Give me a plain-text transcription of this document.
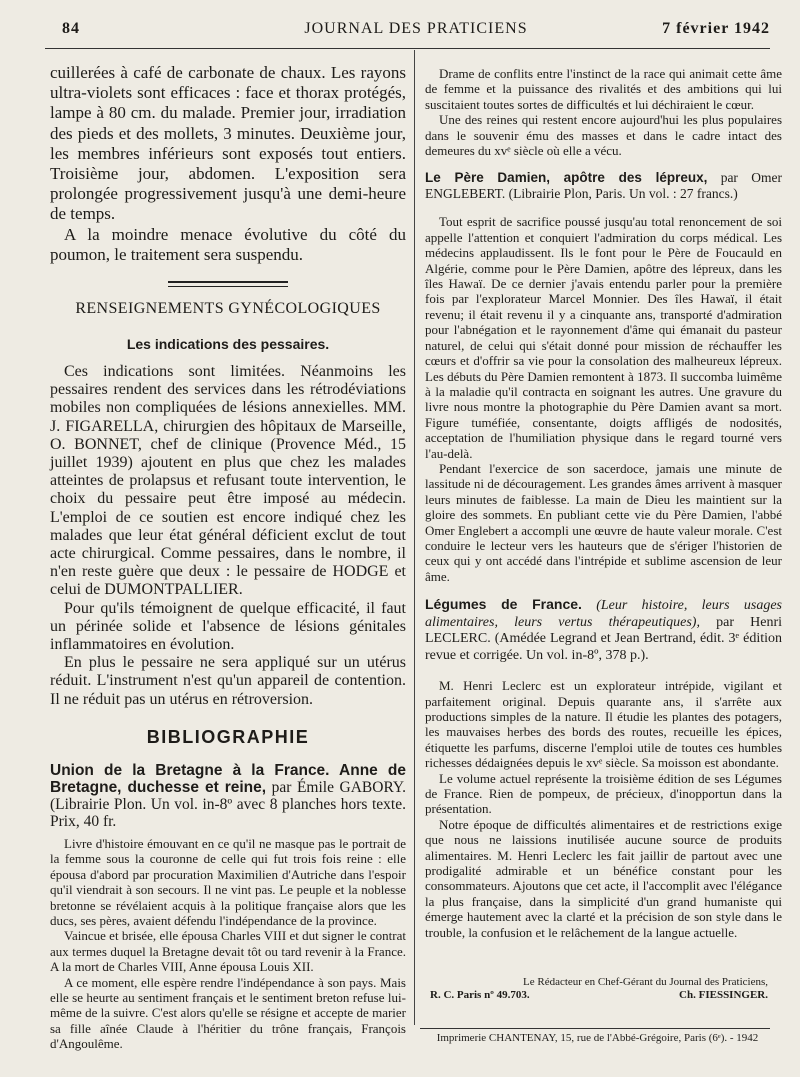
84	JOURNAL DES PRATICIENS	7 février 1942

cuillerées à café de carbonate de chaux. Les rayons ultra-violets sont efficaces : face et thorax protégés, lampe à 80 cm. du malade. Premier jour, irradiation des pieds et des mollets, 3 minutes. Deuxième jour, les membres inférieurs sont exposés tout entiers. Troisième jour, abdomen. L'exposition sera prolongée progressivement jusqu'à une demi-heure de temps.

A la moindre menace évolutive du côté du poumon, le traitement sera suspendu.

RENSEIGNEMENTS GYNÉCOLOGIQUES
Les indications des pessaires.

Ces indications sont limitées. Néanmoins les pessaires rendent des services dans les rétrodéviations mobiles non compliquées de lésions annexielles. MM. J. FIGARELLA, chirurgien des hôpitaux de Marseille, O. BONNET, chef de clinique (Provence Méd., 15 juillet 1939) ajoutent en plus que chez les malades atteintes de prolapsus et refusant toute intervention, le choix du pessaire peut être imposé au médecin. L'emploi de ce soutien est encore indiqué chez les malades que leur état général déficient exclut de tout acte chirurgical. Comme pessaires, dans le nombre, il n'en reste guère que deux : le pessaire de HODGE et celui de DUMONTPALLIER.

Pour qu'ils témoignent de quelque efficacité, il faut un périnée solide et l'absence de lésions génitales inflammatoires en évolution.

En plus le pessaire ne sera appliqué sur un utérus réduit. L'instrument n'est qu'un appareil de contention. Il ne réduit pas un utérus en rétroversion.

BIBLIOGRAPHIE

Union de la Bretagne à la France. Anne de Bretagne, duchesse et reine, par Émile GABORY. (Librairie Plon. Un vol. in-8º avec 8 planches hors texte. Prix, 40 fr.

Livre d'histoire émouvant en ce qu'il ne masque pas le portrait de la femme sous la couronne de celle qui fut trois fois reine : elle épousa d'abord par procuration Maximilien d'Autriche dans l'espoir qu'il viendrait à son secours. Il ne vint pas. Le peuple et la noblesse bretonne se révélaient acquis à la politique française alors que les ducs, ses pères, avaient défendu l'indépendance de la province.

Vaincue et brisée, elle épousa Charles VIII et dut signer le contrat aux termes duquel la Bretagne devait tôt ou tard revenir à la France. A la mort de Charles VIII, Anne épousa Louis XII.

A ce moment, elle espère rendre l'indépendance à son pays. Mais elle se heurte au sentiment français et le sentiment breton refuse lui-même de la suivre. C'est alors qu'elle se résigne et accepte de marier sa fille aînée Claude à l'héritier du trône français, François d'Angoulême.

Drame de conflits entre l'instinct de la race qui animait cette âme de femme et la puissance des rivalités et des ambitions qui lui suscitaient toutes sortes de difficultés et lui déchiraient le cœur.

Une des reines qui restent encore aujourd'hui les plus populaires dans le souvenir ému des masses et dans le cadre intact des demeures du xvᵉ siècle où elle a vécu.

Le Père Damien, apôtre des lépreux, par Omer ENGLEBERT. (Librairie Plon, Paris. Un vol. : 27 francs.)

Tout esprit de sacrifice poussé jusqu'au total renoncement de soi appelle l'attention et conquiert l'admiration du corps médical. Les médecins applaudissent. Ils le font pour le Père de Foucauld en Algérie, comme pour le Père Damien, apôtre des lépreux, dans les îles Hawaï. De ce dernier j'avais entendu parler pour la première fois par l'explorateur Marcel Monnier. Des îles Hawaï, il était revenu; il était revenu il y a cinquante ans, transporté d'admiration pour l'abnégation et le rayonnement d'âme qui émanait du pasteur naturel, de celui qui s'était donné pour mission de réchauffer les cœurs et d'offrir sa vie pour la consolation des malheureux lépreux. Les débuts du Père Damien remontent à 1873. Il succomba luimême à la maladie qu'il contracta en soignant les autres. Une gravure du livre nous montre la photographie du Père Damien avant sa mort. Figure tuméfiée, consentante, doigts affligés de nodosités, acceptation de l'humiliation physique dans le regard tourné vers l'au-delà.

Pendant l'exercice de son sacerdoce, jamais une minute de lassitude ni de découragement. Les grandes âmes arrivent à masquer leurs minutes de faiblesse. La main de Dieu les maintient sur la gloire des sommets. En publiant cette vie du Père Damien, l'abbé Omer Englebert a accompli une œuvre de haute valeur morale. C'est conduire le lecteur vers les hauteurs que de s'ériger l'historien de ceux qui y ont accédé dans l'intrépide et sublime ascension de leur âme.

Légumes de France. (Leur histoire, leurs usages alimentaires, leurs vertus thérapeutiques), par Henri LECLERC. (Amédée Legrand et Jean Bertrand, édit. 3ᵉ édition revue et corrigée. Un vol. in-8º, 378 p.).

M. Henri Leclerc est un explorateur intrépide, vigilant et parfaitement original. Depuis quarante ans, il s'arrête aux productions simples de la nature. Il étudie les plantes des potagers, les mauvaises herbes des bords des routes, recueille les épices, étiquette les parfums, discerne l'emploi utile de toutes ces humbles richesses dédaignées depuis le xvᵉ siècle. Sa moisson est abondante.

Le volume actuel représente la troisième édition de ses Légumes de France. Rien de pompeux, de précieux, d'inopportun dans la présentation.

Notre époque de difficultés alimentaires et de restrictions exige que nous ne laissions inutilisée aucune source de produits alimentaires. M. Henri Leclerc les fait jaillir de partout avec une prodigalité admirable et un bénéfice constant pour les consommateurs. Ajoutons que cet acte, il l'accomplit avec l'élégance la plus française, dans la simplicité d'un grand humaniste qui émerge hautement avec la clarté et la précision de son style dans le trouble, la confusion et le relâchement de la langue actuelle.

Le Rédacteur en Chef-Gérant du Journal des Praticiens,
R. C. Paris nº 49.703.	Ch. FIESSINGER.
Imprimerie CHANTENAY, 15, rue de l'Abbé-Grégoire, Paris (6ᵉ). - 1942
